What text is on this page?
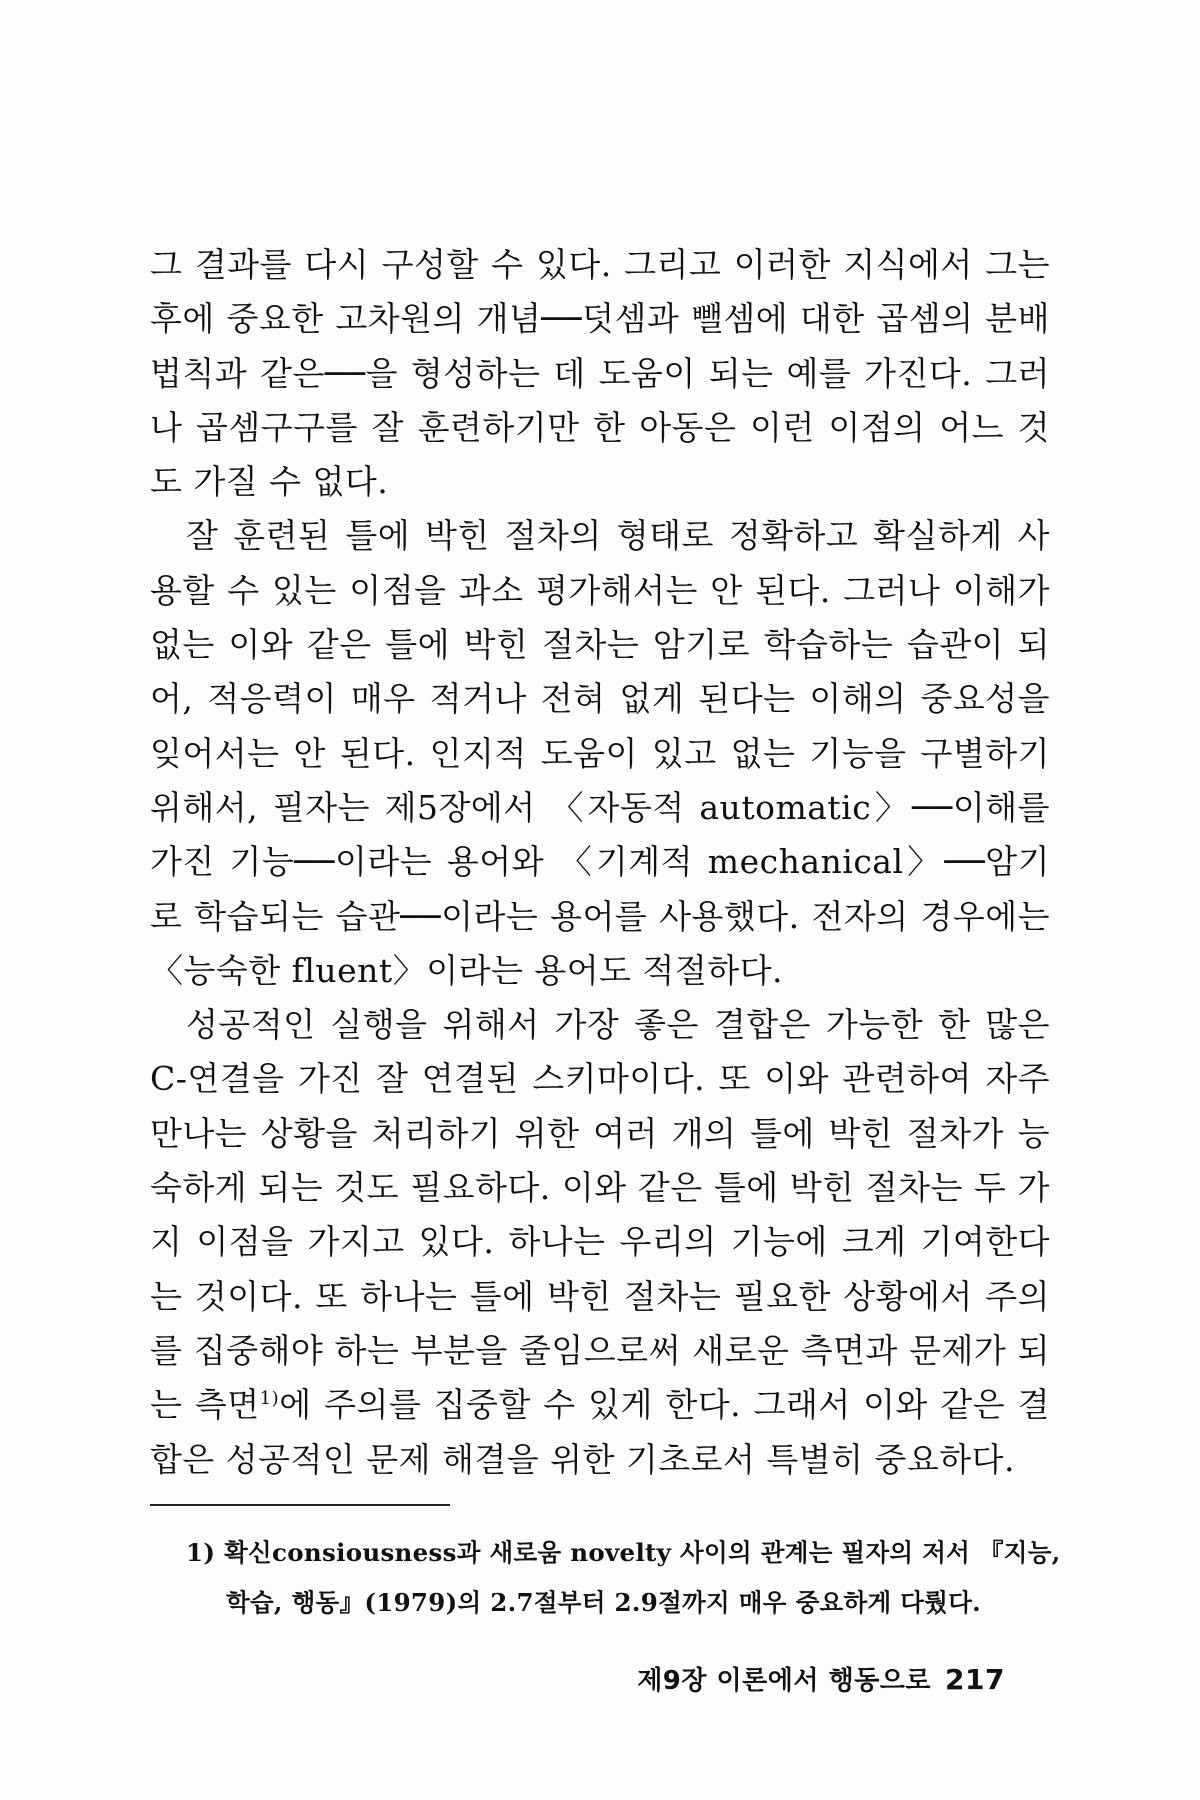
그 결과를 다시 구성할 수 있다. 그리고 이러한 지식에서 그는 후에 중요한 고차원의 개념──덧셈과 뺄셈에 대한 곱셈의 분배 법칙과 같은──을 형성하는 데 도움이 되는 예를 가진다. 그러나 곱셈구구를 잘 훈련하기만 한 아동은 이런 이점의 어느 것도 가질 수 없다.

잘 훈련된 틀에 박힌 절차의 형태로 정확하고 확실하게 사용할 수 있는 이점을 과소 평가해서는 안 된다. 그러나 이해가 없는 이와 같은 틀에 박힌 절차는 암기로 학습하는 습관이 되어, 적응력이 매우 적거나 전혀 없게 된다는 이해의 중요성을 잊어서는 안 된다. 인지적 도움이 있고 없는 기능을 구별하기 위해서, 필자는 제5장에서 〈자동적 automatic〉──이해를 가진 기능──이라는 용어와 〈기계적 mechanical〉──암기로 학습되는 습관──이라는 용어를 사용했다. 전자의 경우에는 〈능숙한 fluent〉이라는 용어도 적절하다.

성공적인 실행을 위해서 가장 좋은 결합은 가능한 한 많은 C-연결을 가진 잘 연결된 스키마이다. 또 이와 관련하여 자주 만나는 상황을 처리하기 위한 여러 개의 틀에 박힌 절차가 능숙하게 되는 것도 필요하다. 이와 같은 틀에 박힌 절차는 두 가지 이점을 가지고 있다. 하나는 우리의 기능에 크게 기여한다는 것이다. 또 하나는 틀에 박힌 절차는 필요한 상황에서 주의를 집중해야 하는 부분을 줄임으로써 새로운 측면과 문제가 되는 측면$^{1)}$에 주의를 집중할 수 있게 한다. 그래서 이와 같은 결합은 성공적인 문제 해결을 위한 기초로서 특별히 중요하다.

1) 확신consiousness과 새로움 novelty 사이의 관계는 필자의 저서 『지능, 학습, 행동』(1979)의 2.7절부터 2.9절까지 매우 중요하게 다뤘다.
제9장 이론에서 행동으로 217
